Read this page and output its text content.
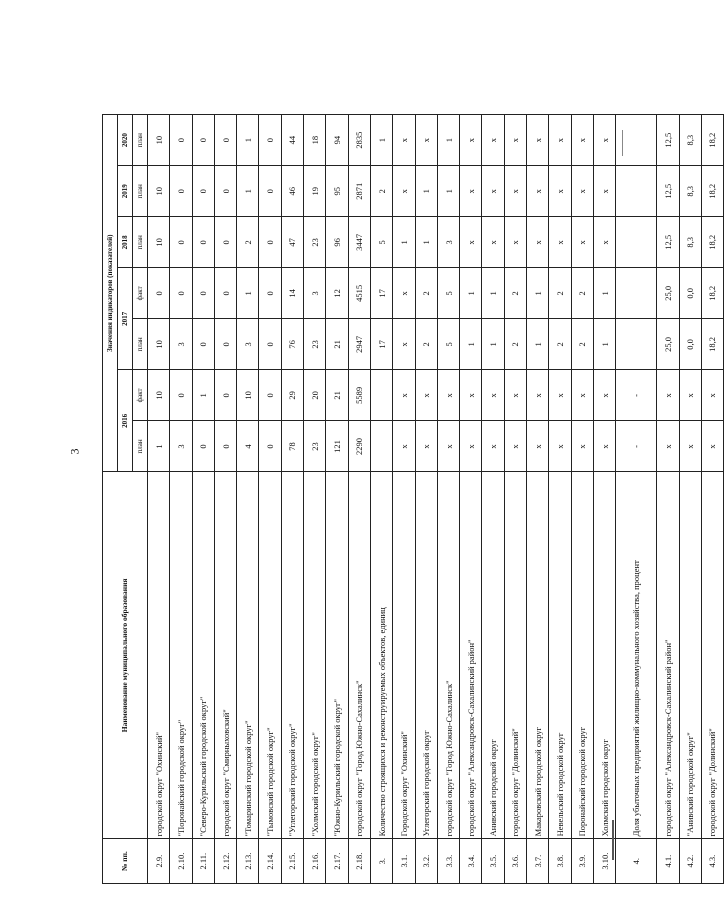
3
№ пп.	Наименование муниципального образования	Значения индикаторов (показателей)						
		2016		2017		2018	2019	2020
		план	факт	план	факт	план	план	план
2.9.	городской округ "Охинский"	1	10	10	0	10	10	10
2.10.	"Поронайский городской округ"	3	0	3	0	0	0	0
2.11.	"Северо-Курильский городской округ"	0	1	0	0	0	0	0
2.12.	городской округ "Смирныховский"	0	0	0	0	0	0	0
2.13.	"Томаринский городской округ"	4	10	3	1	2	1	1
2.14.	"Тымовский городской округ"	0	0	0	0	0	0	0
2.15.	"Углегорский городской округ"	78	29	76	14	47	46	44
2.16.	"Холмский городской округ"	23	20	23	3	23	19	18
2.17.	"Южно-Курильский городской округ"	121	21	21	12	96	95	94
2.18.	городской округ "Город Южно-Сахалинск"	2290	5589	2947	4515	3447	2871	2835
3.	Количество строящихся и реконструируемых объектов, единиц			17	17	5	2	1
3.1.	Городской округ "Охинский"	x	x	x	x	1	x	x
3.2.	Углегорский городской округ	x	x	2	2	1	1	x
3.3.	городской округ "Город Южно-Сахалинск"	x	x	5	5	3	1	1
3.4.	городской округ "Александровск-Сахалинский район"	x	x	1	1	x	x	x
3.5.	Анивский городской округ	x	x	1	1	x	x	x
3.6.	городской округ "Долинский"	x	x	2	2	x	x	x
3.7.	Макаровский городской округ	x	x	1	1	x	x	x
3.8.	Невельский городской округ	x	x	2	2	x	x	x
3.9.	Поронайский городской округ	x	x	2	2	x	x	x
3.10.	Холмский городской округ	x	x	1	1	x	x	x
4.	Доля убыточных предприятий жилищно-коммунального хозяйства, процент	-	-					
4.1.	городской округ "Александровск-Сахалинский район"	x	x	25,0	25,0	12,5	12,5	12,5
4.2.	"Анивский городской округ"	x	x	0,0	0,0	8,3	8,3	8,3
4.3.	городской округ "Долинский"	x	x	18,2	18,2	18,2	18,2	18,2
